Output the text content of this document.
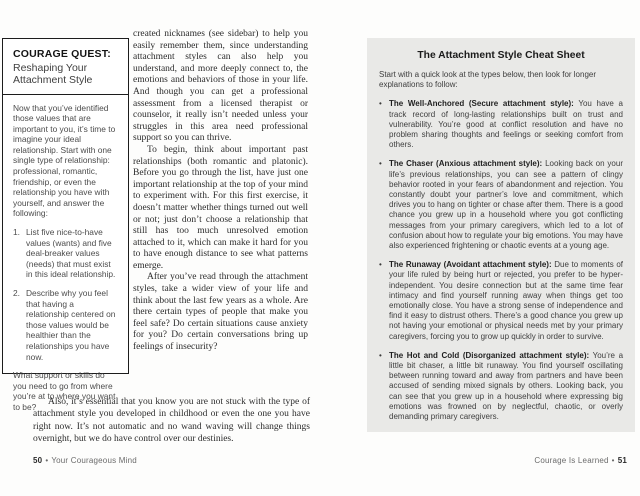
COURAGE QUEST:
Reshaping Your Attachment Style

Now that you’ve identified those values that are important to you, it’s time to imagine your ideal relationship. Start with one single type of relationship: professional, romantic, friendship, or even the relationship you have with yourself, and answer the following:

1. List five nice-to-have values (wants) and five deal-breaker values (needs) that must exist in this ideal relationship.
2. Describe why you feel that having a relationship centered on those values would be healthier than the relationships you have now.

What support or skills do you need to go from where you’re at to where you want to be?

created nicknames (see sidebar) to help you easily remember them, since understanding attachment styles can also help you understand, and more deeply connect to, the emotions and behaviors of those in your life. And though you can get a professional assessment from a licensed therapist or counselor, it really isn’t needed unless your struggles in this area need professional support so you can thrive.

To begin, think about important past relationships (both romantic and platonic). Before you go through the list, have just one important relationship at the top of your mind to experiment with. For this first exercise, it doesn’t matter whether things turned out well or not; just don’t choose a relationship that still has too much unresolved emotion attached to it, which can make it hard for you to have enough distance to see what patterns emerge.

After you’ve read through the attachment styles, take a wider view of your life and think about the last few years as a whole. Are there certain types of people that make you feel safe? Do certain situations cause anxiety for you? Do certain conversations bring up feelings of insecurity?

Also, it’s essential that you know you are not stuck with the type of attachment style you developed in childhood or even the one you have right now. It’s not automatic and no wand waving will change things overnight, but we do have control over our destinies.

50 • Your Courageous Mind
The Attachment Style Cheat Sheet

Start with a quick look at the types below, then look for longer explanations to follow:

• The Well-Anchored (Secure attachment style): You have a track record of long-lasting relationships built on trust and vulnerability. You’re good at conflict resolution and have no problem sharing thoughts and feelings or seeking comfort from others.
• The Chaser (Anxious attachment style): Looking back on your life’s previous relationships, you can see a pattern of clingy behavior rooted in your fears of abandonment and rejection. You constantly doubt your partner’s love and commitment, which drives you to hang on tighter or chase after them. There is a good chance you grew up in a household where you got conflicting messages from your primary caregivers, which led to a lot of confusion about how to regulate your big emotions. You may have also experienced frightening or chaotic events at a young age.
• The Runaway (Avoidant attachment style): Due to moments of your life ruled by being hurt or rejected, you prefer to be hyper-independent. You desire connection but at the same time fear intimacy and find yourself running away when things get too emotionally close. You have a strong sense of independence and find it easy to distrust others. There’s a good chance you grew up not having your emotional or physical needs met by your primary caregivers, forcing you to grow up quickly in order to survive.
• The Hot and Cold (Disorganized attachment style): You’re a little bit chaser, a little bit runaway. You find yourself oscillating between running toward and away from partners and have been accused of sending mixed signals by others. Looking back, you can see that you grew up in a household where expressing big emotions was frowned on by neglectful, chaotic, or overly demanding primary caregivers.
Courage Is Learned • 51
